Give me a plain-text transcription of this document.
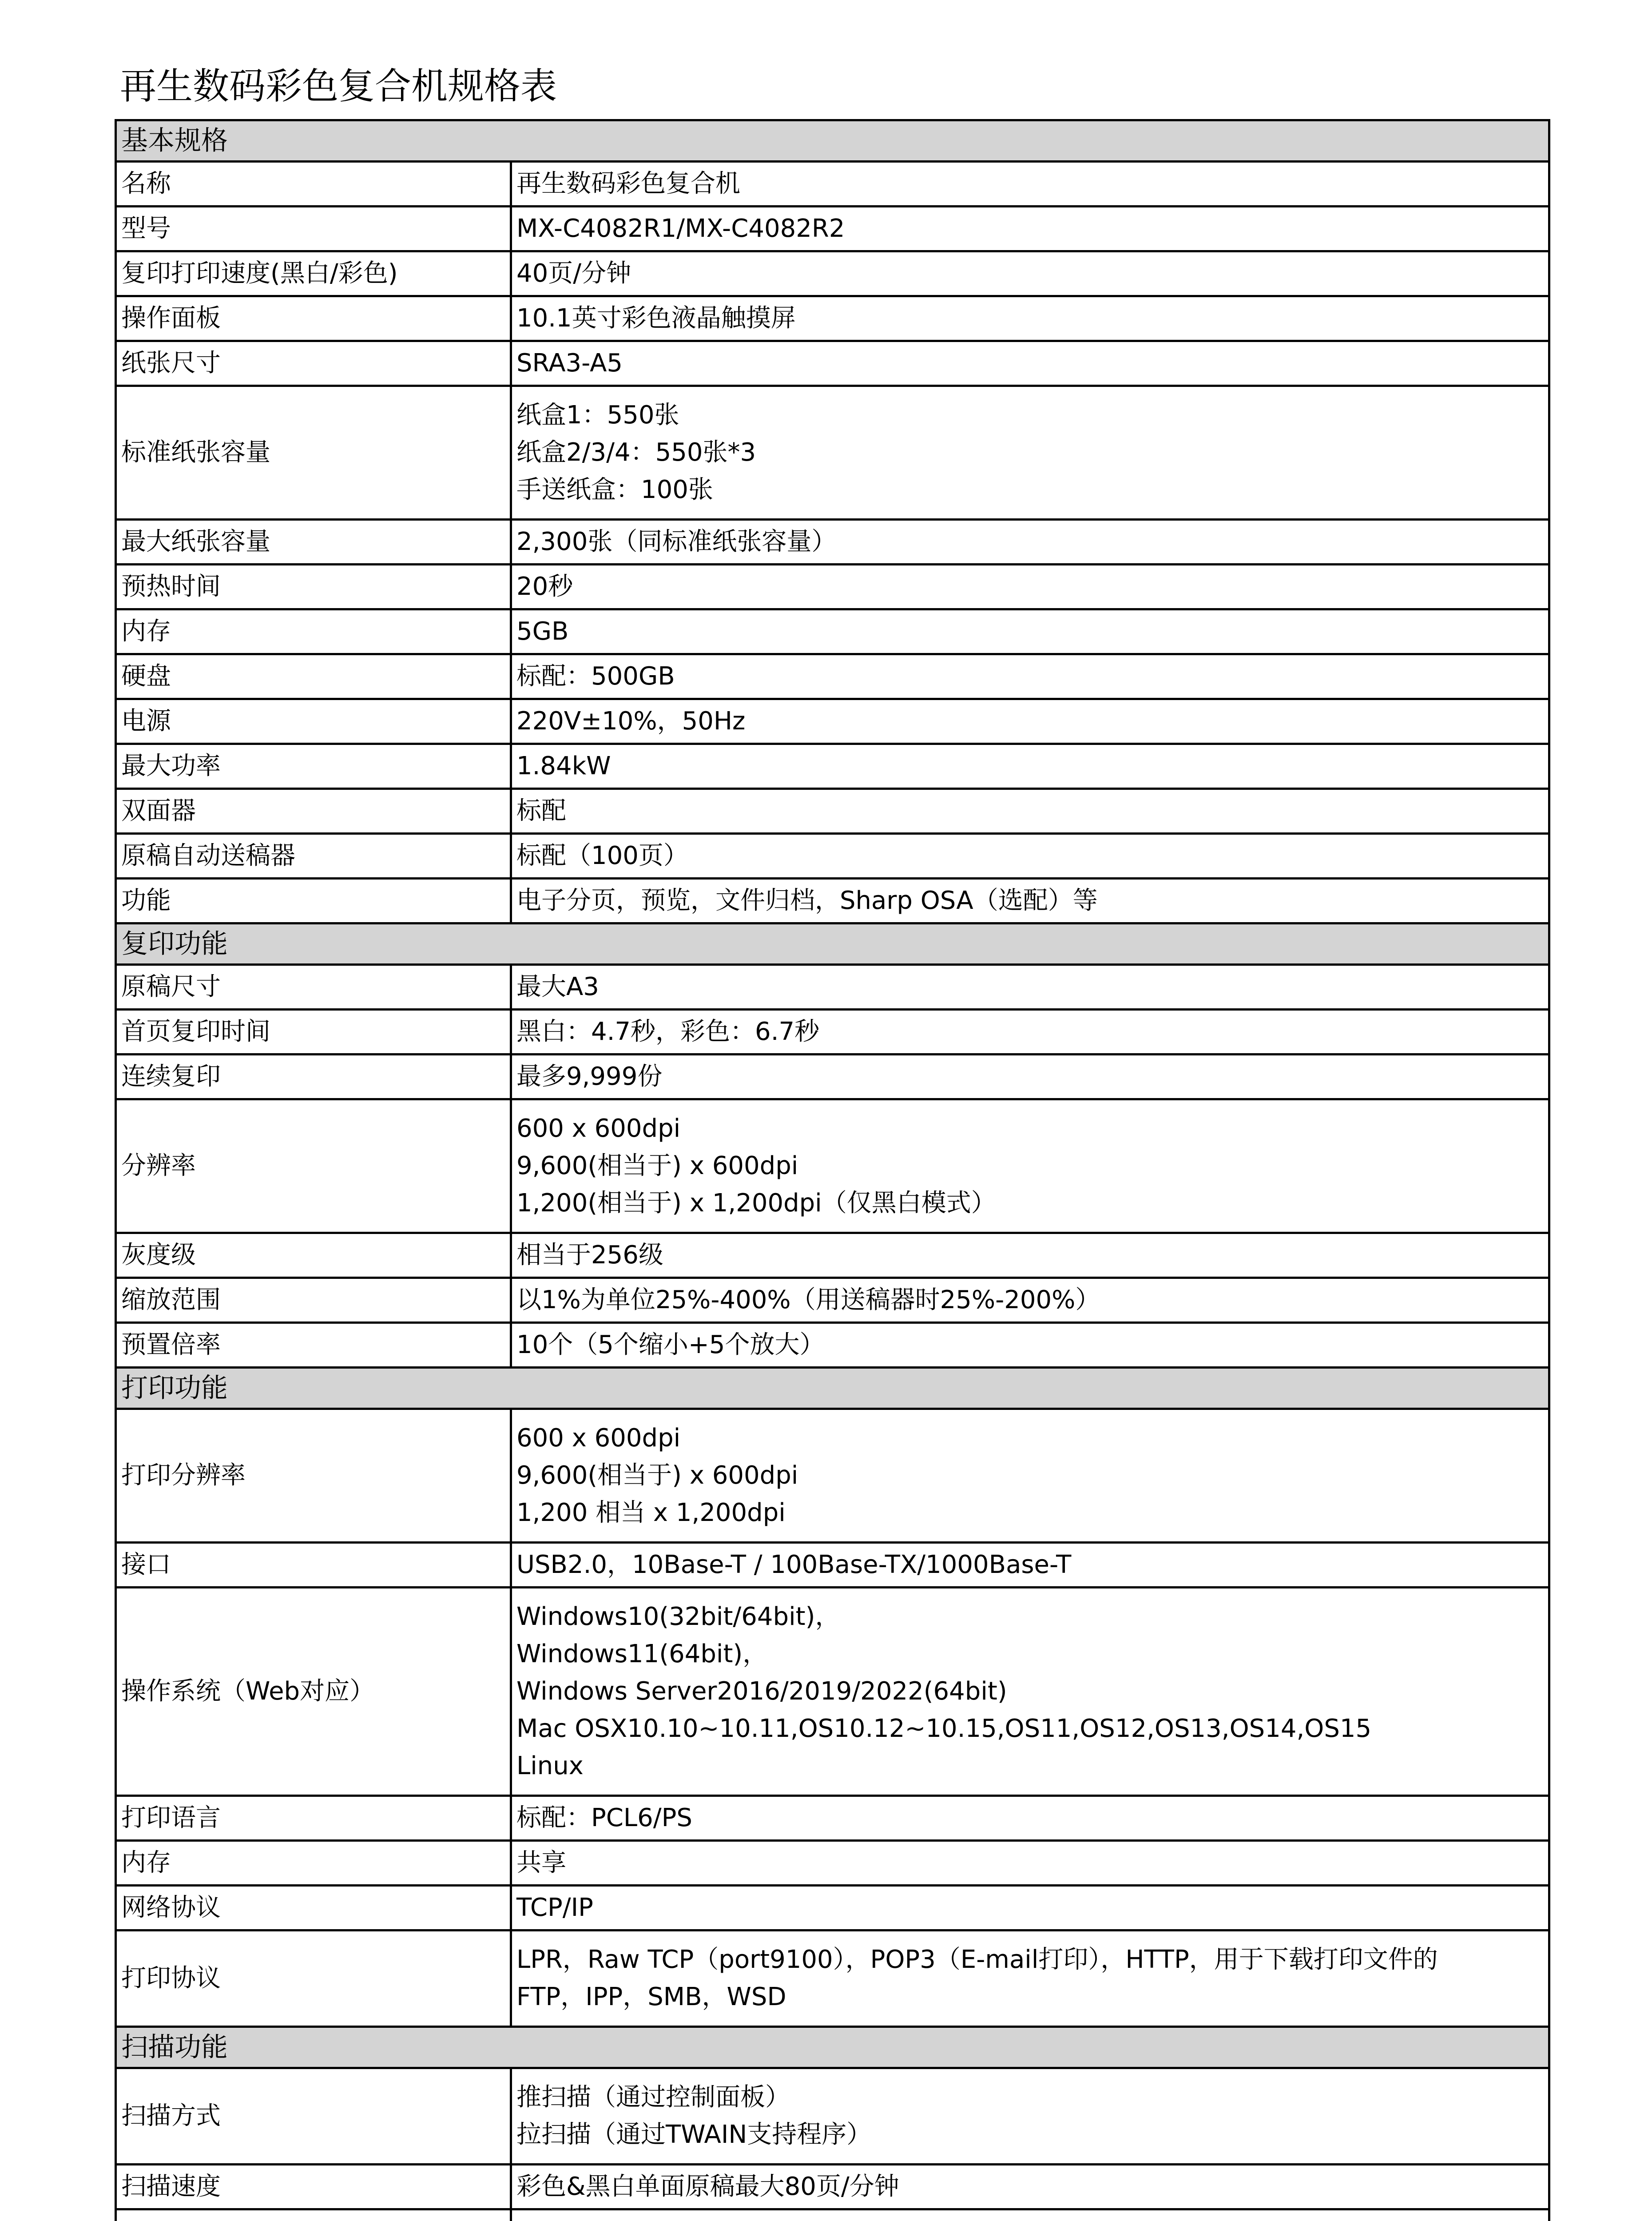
再生数码彩色复合机规格表
基本规格	
名称	再生数码彩色复合机

型号	MX-C4082R1/MX-C4082R2

复印打印速度(黑白/彩色)	40页/分钟

操作面板	10.1英寸彩色液晶触摸屏

纸张尺寸	SRA3-A5

标准纸张容量	纸盒1：550张
纸盒2/3/4：550张*3
手送纸盒：100张

最大纸张容量	2,300张（同标准纸张容量）

预热时间	20秒

内存	5GB

硬盘	标配：500GB

电源	220V±10%，50Hz

最大功率	1.84kW

双面器	标配

原稿自动送稿器	标配（100页）

功能	电子分页，预览，文件归档，Sharp OSA（选配）等

复印功能	
原稿尺寸	最大A3

首页复印时间	黑白：4.7秒，彩色：6.7秒

连续复印	最多9,999份

分辨率	600 x 600dpi
9,600(相当于) x 600dpi
1,200(相当于) x 1,200dpi（仅黑白模式）

灰度级	相当于256级

缩放范围	以1%为单位25%-400%（用送稿器时25%-200%）

预置倍率	10个（5个缩小+5个放大）

打印功能	
打印分辨率	600 x 600dpi
9,600(相当于) x 600dpi
1,200 相当 x 1,200dpi

接口	USB2.0，10Base-T / 100Base-TX/1000Base-T

操作系统（Web对应）	Windows10(32bit/64bit)，
Windows11(64bit)，
Windows Server2016/2019/2022(64bit)
Mac OSX10.10~10.11,OS10.12~10.15,OS11,OS12,OS13,OS14,OS15
Linux

打印语言	标配：PCL6/PS

内存	共享

网络协议	TCP/IP

打印协议	LPR，Raw TCP（port9100），POP3（E-mail打印），HTTP，用于下载打印文件的
FTP，IPP，SMB，WSD

扫描功能	
扫描方式	推扫描（通过控制面板）
拉扫描（通过TWAIN支持程序）

扫描速度	彩色&黑白单面原稿最大80页/分钟
